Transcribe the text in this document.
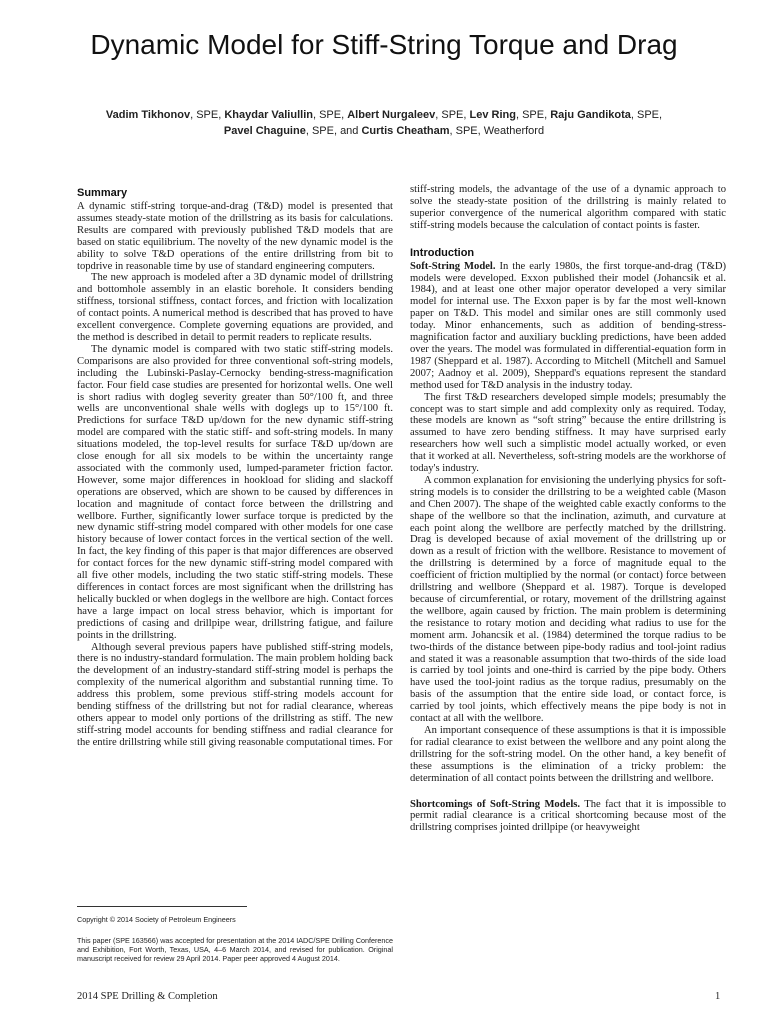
Dynamic Model for Stiff-String Torque and Drag

Vadim Tikhonov, SPE, Khaydar Valiullin, SPE, Albert Nurgaleev, SPE, Lev Ring, SPE, Raju Gandikota, SPE,
Pavel Chaguine, SPE, and Curtis Cheatham, SPE, Weatherford

Summary

A dynamic stiff-string torque-and-drag (T&D) model is presented that assumes steady-state motion of the drillstring as its basis for calculations. Results are compared with previously published T&D models that are based on static equilibrium. The novelty of the new dynamic model is the ability to solve T&D operations of the entire drillstring from bit to topdrive in reasonable time by use of standard engineering computers.

The new approach is modeled after a 3D dynamic model of drillstring and bottomhole assembly in an elastic borehole. It considers bending stiffness, torsional stiffness, contact forces, and friction with localization of contact points. A numerical method is described that has proved to have excellent convergence. Complete governing equations are provided, and the method is described in detail to permit readers to replicate results.

The dynamic model is compared with two static stiff-string models. Comparisons are also provided for three conventional soft-string models, including the Lubinski-Paslay-Cernocky bending-stress-magnification factor. Four field case studies are presented for horizontal wells. One well is short radius with dogleg severity greater than 50°/100 ft, and three wells are unconventional shale wells with doglegs up to 15°/100 ft. Predictions for surface T&D up/down for the new dynamic stiff-string model are compared with the static stiff- and soft-string models. In many situations modeled, the top-level results for surface T&D up/down are close enough for all six models to be within the uncertainty range associated with the commonly used, lumped-parameter friction factor. However, some major differences in hookload for sliding and slackoff operations are observed, which are shown to be caused by differences in location and magnitude of contact force between the drillstring and wellbore. Further, significantly lower surface torque is predicted by the new dynamic stiff-string model compared with other models for one case history because of lower contact forces in the vertical section of the well. In fact, the key finding of this paper is that major differences are observed for contact forces for the new dynamic stiff-string model compared with all five other models, including the two static stiff-string models. These differences in contact forces are most significant when the drillstring has helically buckled or when doglegs in the wellbore are high. Contact forces have a large impact on local stress behavior, which is important for predictions of casing and drillpipe wear, drillstring fatigue, and failure points in the drillstring.

Although several previous papers have published stiff-string models, there is no industry-standard formulation. The main problem holding back the development of an industry-standard stiff-string model is perhaps the complexity of the numerical algorithm and substantial running time. To address this problem, some previous stiff-string models account for bending stiffness of the drillstring but not for radial clearance, whereas others appear to model only portions of the drillstring as stiff. The new stiff-string model accounts for bending stiffness and radial clearance for the entire drillstring while still giving reasonable computational times. For

stiff-string models, the advantage of the use of a dynamic approach to solve the steady-state position of the drillstring is mainly related to superior convergence of the numerical algorithm compared with static stiff-string models because the calculation of contact points is faster.

Introduction

Soft-String Model. In the early 1980s, the first torque-and-drag (T&D) models were developed. Exxon published their model (Johancsik et al. 1984), and at least one other major operator developed a very similar model for internal use. The Exxon paper is by far the most well-known paper on T&D. This model and similar ones are still commonly used today. Minor enhancements, such as addition of bending-stress-magnification factor and auxiliary buckling predictions, have been added over the years. The model was formulated in differential-equation form in 1987 (Sheppard et al. 1987). According to Mitchell (Mitchell and Samuel 2007; Aadnoy et al. 2009), Sheppard's equations represent the standard method used for T&D analysis in the industry today.

The first T&D researchers developed simple models; presumably the concept was to start simple and add complexity only as required. Today, these models are known as “soft string” because the entire drillstring is assumed to have zero bending stiffness. It may have surprised early researchers how well such a simplistic model actually worked, or even that it worked at all. Nevertheless, soft-string models are the workhorse of today's industry.

A common explanation for envisioning the underlying physics for soft-string models is to consider the drillstring to be a weighted cable (Mason and Chen 2007). The shape of the weighted cable exactly conforms to the shape of the wellbore so that the inclination, azimuth, and curvature at each point along the wellbore are perfectly matched by the drillstring. Drag is developed because of axial movement of the drillstring up or down as a result of friction with the wellbore. Resistance to movement of the drillstring is determined by a force of magnitude equal to the coefficient of friction multiplied by the normal (or contact) force between drillstring and wellbore (Sheppard et al. 1987). Torque is developed because of circumferential, or rotary, movement of the drillstring against the wellbore, again caused by friction. The main problem is determining the resistance to rotary motion and deciding what radius to use for the moment arm. Johancsik et al. (1984) determined the torque radius to be two-thirds of the distance between pipe-body radius and tool-joint radius and stated it was a reasonable assumption that two-thirds of the side load is carried by tool joints and one-third is carried by the pipe body. Others have used the tool-joint radius as the torque radius, presumably on the basis of the assumption that the entire side load, or contact force, is carried by tool joints, which effectively means the pipe body is not in contact at all with the wellbore.

An important consequence of these assumptions is that it is impossible for radial clearance to exist between the wellbore and any point along the drillstring for the soft-string model. On the other hand, a key benefit of these assumptions is the elimination of a tricky problem: the determination of all contact points between the drillstring and wellbore.

Shortcomings of Soft-String Models. The fact that it is impossible to permit radial clearance is a critical shortcoming because most of the drillstring comprises jointed drillpipe (or heavyweight

Copyright © 2014 Society of Petroleum Engineers

This paper (SPE 163566) was accepted for presentation at the 2014 IADC/SPE Drilling Conference and Exhibition, Fort Worth, Texas, USA, 4–6 March 2014, and revised for publication. Original manuscript received for review 29 April 2014. Paper peer approved 4 August 2014.

2014 SPE Drilling & Completion	1
